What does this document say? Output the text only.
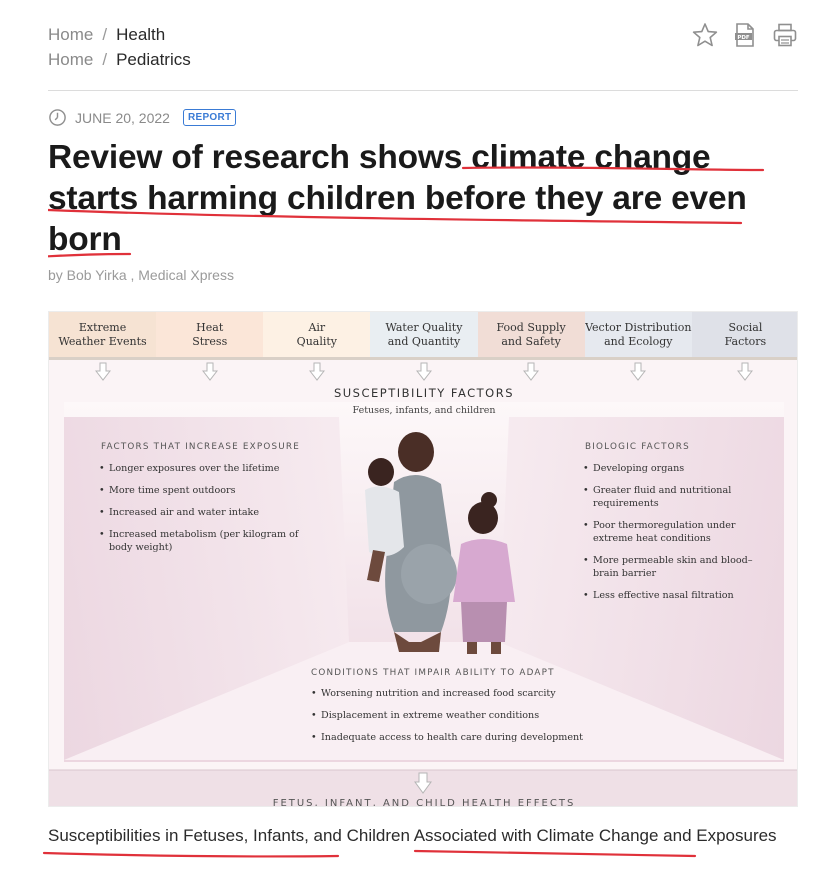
Home / Health
Home / Pediatrics
PDF
JUNE 20, 2022	REPORT
Review of research shows climate change
starts harming children before they are even
born
by Bob Yirka , Medical Xpress
Extreme
Weather Events
Heat
Stress
Air
Quality
Water Quality
and Quantity
Food Supply
and Safety
Vector Distribution
and Ecology
Social
Factors
SUSCEPTIBILITY FACTORS
Fetuses, infants, and children
FACTORS THAT INCREASE EXPOSURE
• Longer exposures over the lifetime
• More time spent outdoors
• Increased air and water intake
• Increased metabolism (per kilogram of body weight)
BIOLOGIC FACTORS
• Developing organs
• Greater fluid and nutritional requirements
• Poor thermoregulation under extreme heat conditions
• More permeable skin and blood–brain barrier
• Less effective nasal filtration
CONDITIONS THAT IMPAIR ABILITY TO ADAPT
• Worsening nutrition and increased food scarcity
• Displacement in extreme weather conditions
• Inadequate access to health care during development
FETUS, INFANT, AND CHILD HEALTH EFFECTS
Susceptibilities in Fetuses, Infants, and Children Associated with Climate Change and Exposures
